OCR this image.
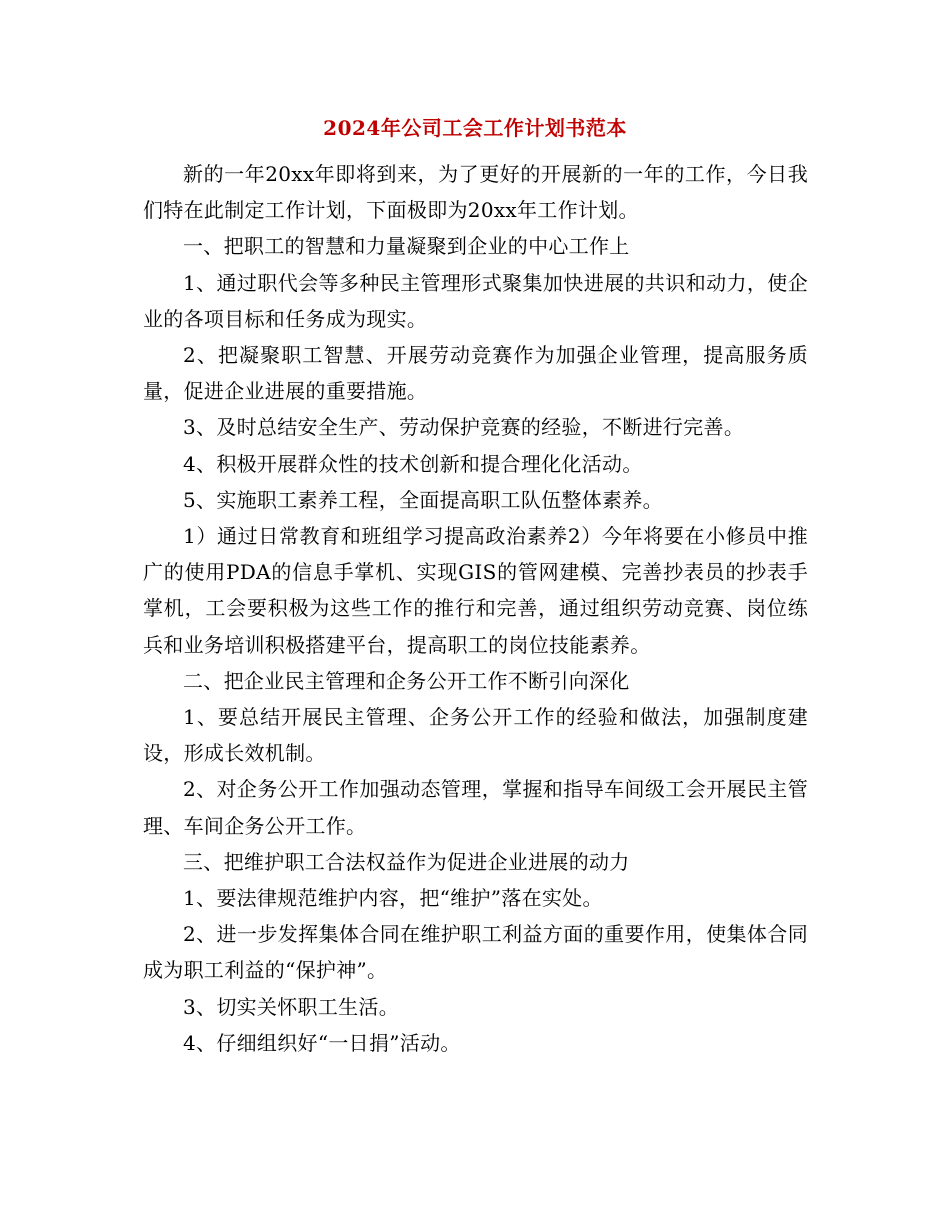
2024年公司工会工作计划书范本

新的一年20xx年即将到来，为了更好的开展新的一年的工作，今日我们特在此制定工作计划，下面极即为20xx年工作计划。

一、把职工的智慧和力量凝聚到企业的中心工作上

1、通过职代会等多种民主管理形式聚集加快进展的共识和动力，使企业的各项目标和任务成为现实。

2、把凝聚职工智慧、开展劳动竞赛作为加强企业管理，提高服务质量，促进企业进展的重要措施。

3、及时总结安全生产、劳动保护竞赛的经验，不断进行完善。

4、积极开展群众性的技术创新和提合理化化活动。

5、实施职工素养工程，全面提高职工队伍整体素养。

1）通过日常教育和班组学习提高政治素养2）今年将要在小修员中推广的使用PDA的信息手掌机、实现GIS的管网建模、完善抄表员的抄表手掌机，工会要积极为这些工作的推行和完善，通过组织劳动竞赛、岗位练兵和业务培训积极搭建平台，提高职工的岗位技能素养。

二、把企业民主管理和企务公开工作不断引向深化

1、要总结开展民主管理、企务公开工作的经验和做法，加强制度建设，形成长效机制。

2、对企务公开工作加强动态管理，掌握和指导车间级工会开展民主管理、车间企务公开工作。

三、把维护职工合法权益作为促进企业进展的动力

1、要法律规范维护内容，把“维护”落在实处。

2、进一步发挥集体合同在维护职工利益方面的重要作用，使集体合同成为职工利益的“保护神”。

3、切实关怀职工生活。

4、仔细组织好“一日捐”活动。
